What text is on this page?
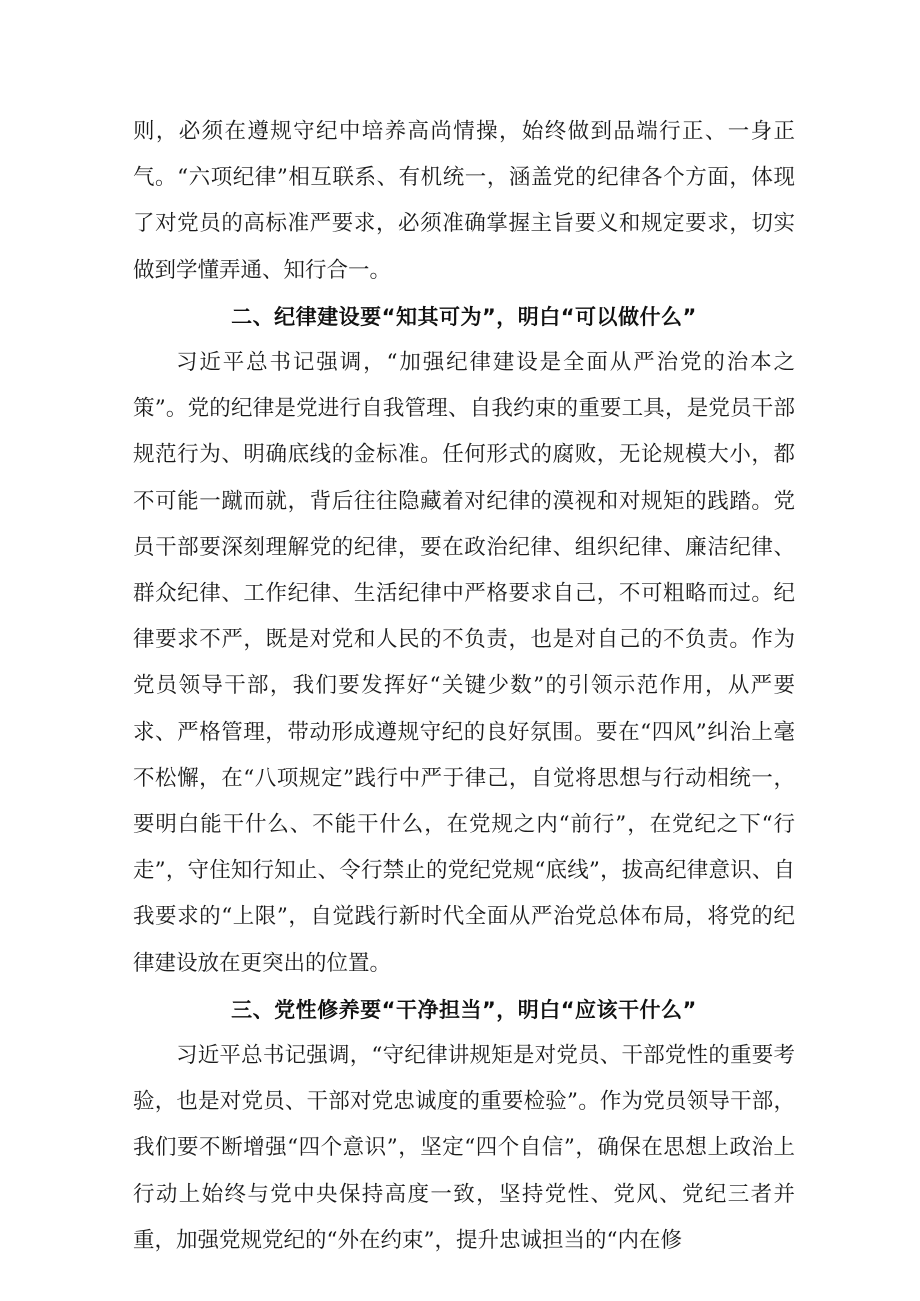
则，必须在遵规守纪中培养高尚情操，始终做到品端行正、一身正气。“六项纪律”相互联系、有机统一，涵盖党的纪律各个方面，体现了对党员的高标准严要求，必须准确掌握主旨要义和规定要求，切实做到学懂弄通、知行合一。

二、纪律建设要“知其可为”，明白“可以做什么”

习近平总书记强调，“加强纪律建设是全面从严治党的治本之策”。党的纪律是党进行自我管理、自我约束的重要工具，是党员干部规范行为、明确底线的金标准。任何形式的腐败，无论规模大小，都不可能一蹴而就，背后往往隐藏着对纪律的漠视和对规矩的践踏。党员干部要深刻理解党的纪律，要在政治纪律、组织纪律、廉洁纪律、群众纪律、工作纪律、生活纪律中严格要求自己，不可粗略而过。纪律要求不严，既是对党和人民的不负责，也是对自己的不负责。作为党员领导干部，我们要发挥好“关键少数”的引领示范作用，从严要求、严格管理，带动形成遵规守纪的良好氛围。要在“四风”纠治上毫不松懈，在“八项规定”践行中严于律己，自觉将思想与行动相统一，要明白能干什么、不能干什么，在党规之内“前行”，在党纪之下“行走”，守住知行知止、令行禁止的党纪党规“底线”，拔高纪律意识、自我要求的“上限”，自觉践行新时代全面从严治党总体布局，将党的纪律建设放在更突出的位置。

三、党性修养要“干净担当”，明白“应该干什么”

习近平总书记强调，“守纪律讲规矩是对党员、干部党性的重要考验，也是对党员、干部对党忠诚度的重要检验”。作为党员领导干部，我们要不断增强“四个意识”，坚定“四个自信”，确保在思想上政治上行动上始终与党中央保持高度一致，坚持党性、党风、党纪三者并重，加强党规党纪的“外在约束”，提升忠诚担当的“内在修
